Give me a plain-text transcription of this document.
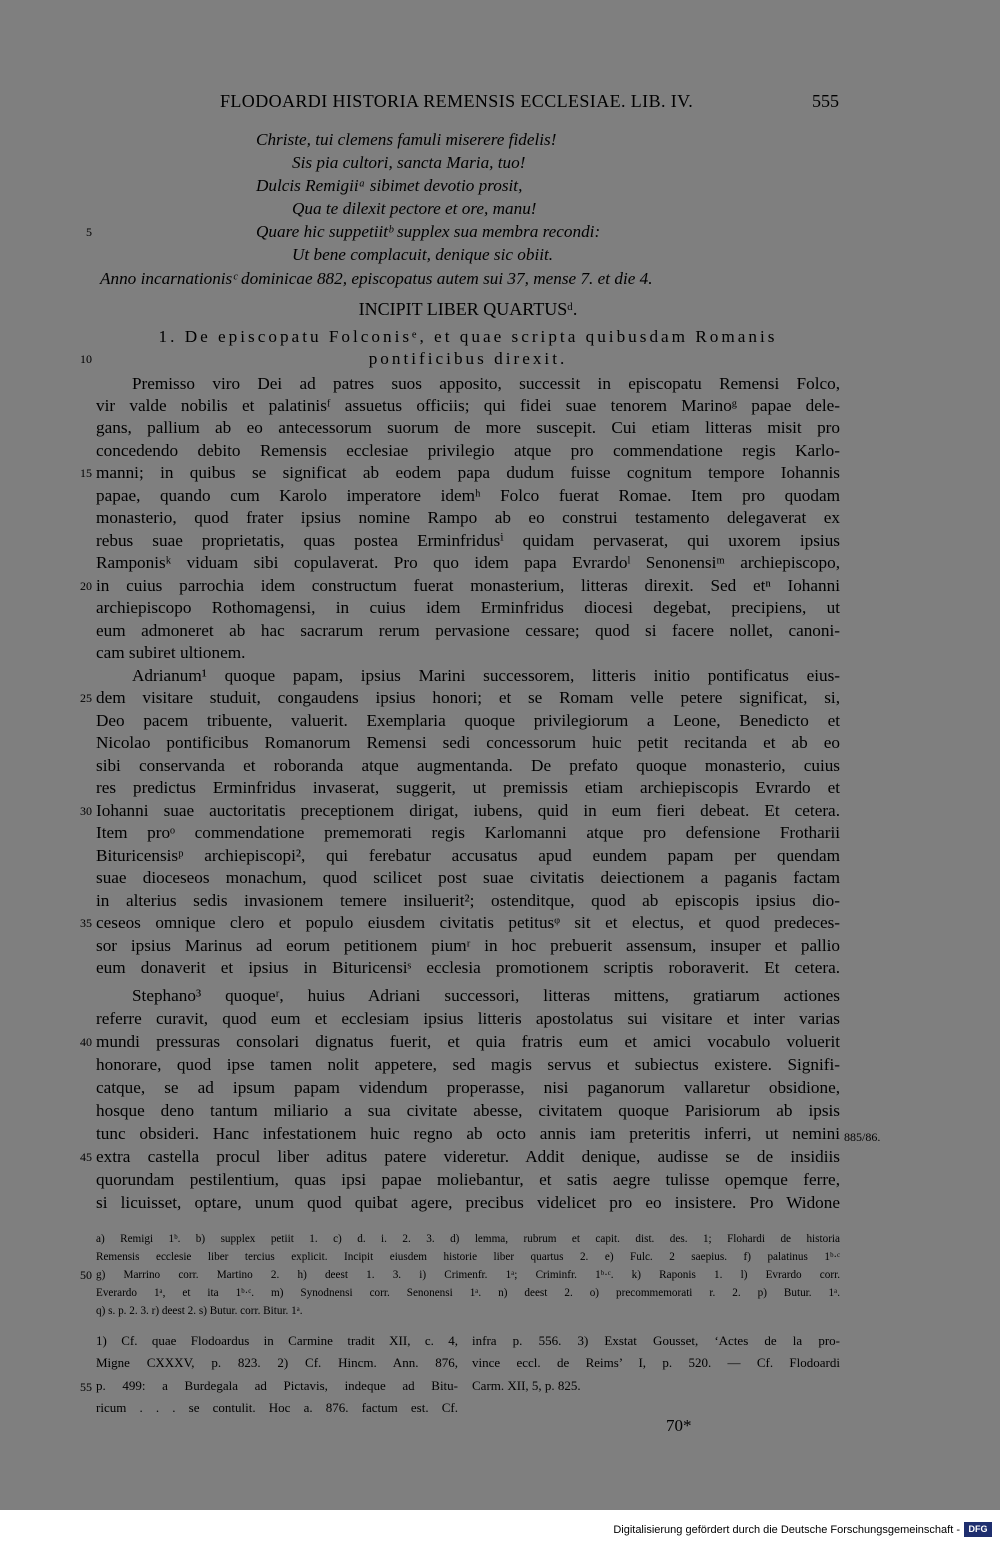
FLODOARDI HISTORIA REMENSIS ECCLESIAE. LIB. IV.	555
Christe, tui clemens famuli miserere fidelis!
Sis pia cultori, sancta Maria, tuo!
Dulcis Remigiiᵃ sibimet devotio prosit,
Qua te dilexit pectore et ore, manu!
Quare hic suppetiitᵇ supplex sua membra recondi:
Ut bene complacuit, denique sic obiit.
Anno incarnationisᶜ dominicae 882, episcopatus autem sui 37, mense 7. et die 4.
INCIPIT LIBER QUARTUSᵈ.
1. De episcopatu Folconisᵉ, et quae scripta quibusdam Romanis
pontificibus direxit.
Premisso viro Dei ad patres suos apposito, successit in episcopatu Remensi Folco,
vir valde nobilis et palatinisᶠ assuetus officiis; qui fidei suae tenorem Marinoᵍ papae dele-
gans, pallium ab eo antecessorum suorum de more suscepit. Cui etiam litteras misit pro
concedendo debito Remensis ecclesiae privilegio atque pro commendatione regis Karlo-
manni; in quibus se significat ab eodem papa dudum fuisse cognitum tempore Iohannis
papae, quando cum Karolo imperatore idemʰ Folco fuerat Romae. Item pro quodam
monasterio, quod frater ipsius nomine Rampo ab eo construi testamento delegaverat ex
rebus suae proprietatis, quas postea Erminfridusⁱ quidam pervaserat, qui uxorem ipsius
Ramponisᵏ viduam sibi copulaverat. Pro quo idem papa Evrardoˡ Senonensiᵐ archiepiscopo,
in cuius parrochia idem constructum fuerat monasterium, litteras direxit. Sed etⁿ Iohanni
archiepiscopo Rothomagensi, in cuius idem Erminfridus diocesi degebat, precipiens, ut
eum admoneret ab hac sacrarum rerum pervasione cessare; quod si facere nollet, canoni-
cam subiret ultionem.
Adrianum¹ quoque papam, ipsius Marini successorem, litteris initio pontificatus eius-
dem visitare studuit, congaudens ipsius honori; et se Romam velle petere significat, si,
Deo pacem tribuente, valuerit. Exemplaria quoque privilegiorum a Leone, Benedicto et
Nicolao pontificibus Romanorum Remensi sedi concessorum huic petit recitanda et ab eo
sibi conservanda et roboranda atque augmentanda. De prefato quoque monasterio, cuius
res predictus Erminfridus invaserat, suggerit, ut premissis etiam archiepiscopis Evrardo et
Iohanni suae auctoritatis preceptionem dirigat, iubens, quid in eum fieri debeat. Et cetera.
Item proᵒ commendatione prememorati regis Karlomanni atque pro defensione Frotharii
Bituricensisᵖ archiepiscopi², qui ferebatur accusatus apud eundem papam per quendam
suae dioceseos monachum, quod scilicet post suae civitatis deiectionem a paganis factam
in alterius sedis invasionem temere insiluerit²; ostenditque, quod ab episcopis ipsius dio-
ceseos omnique clero et populo eiusdem civitatis petitusᵠ sit et electus, et quod predeces-
sor ipsius Marinus ad eorum petitionem piumʳ in hoc prebuerit assensum, insuper et pallio
eum donaverit et ipsius in Bituricensiˢ ecclesia promotionem scriptis roboraverit. Et cetera.
Stephano³ quoqueʳ, huius Adriani successori, litteras mittens, gratiarum actiones
referre curavit, quod eum et ecclesiam ipsius litteris apostolatus sui visitare et inter varias
mundi pressuras consolari dignatus fuerit, et quia fratris eum et amici vocabulo voluerit
honorare, quod ipse tamen nolit appetere, sed magis servus et subiectus existere. Signifi-
catque, se ad ipsum papam videndum properasse, nisi paganorum vallaretur obsidione,
hosque deno tantum miliario a sua civitate abesse, civitatem quoque Parisiorum ab ipsis
tunc obsideri. Hanc infestationem huic regno ab octo annis iam preteritis inferri, ut nemini
extra castella procul liber aditus patere videretur. Addit denique, audisse se de insidiis
quorundam pestilentium, quas ipsi papae moliebantur, et satis aegre tulisse opemque ferre,
si licuisset, optare, unum quod quibat agere, precibus videlicet pro eo insistere. Pro Widone
885/86.
5
10
15
20
25
30
35
40
45
50
55
a) Remigi 1ᵇ. b) supplex petiit 1. c) d. i. 2. 3. d) lemma, rubrum et capit. dist. des. 1; Flohardi de historia
Remensis ecclesie liber tercius explicit. Incipit eiusdem historie liber quartus 2. e) Fulc. 2 saepius. f) palatinus 1ᵇ·ᶜ
g) Marrino corr. Martino 2. h) deest 1. 3. i) Crimenfr. 1ᵃ; Criminfr. 1ᵇ·ᶜ. k) Raponis 1. l) Evrardo corr.
Everardo 1ᵃ, et ita 1ᵇ·ᶜ. m) Synodnensi corr. Senonensi 1ᵃ. n) deest 2. o) precommemorati r. 2. p) Butur. 1ᵃ.
q) s. p. 2. 3. r) deest 2. s) Butur. corr. Bitur. 1ᵃ.
1) Cf. quae Flodoardus in Carmine tradit XII, c. 4,
Migne CXXXV, p. 823. 2) Cf. Hincm. Ann. 876,
p. 499: a Burdegala ad Pictavis, indeque ad Bitu-
ricum . . . se contulit. Hoc a. 876. factum est. Cf.
infra p. 556. 3) Exstat Gousset, ‘Actes de la pro-
vince eccl. de Reims’ I, p. 520. — Cf. Flodoardi
Carm. XII, 5, p. 825.
70*
Digitalisierung gefördert durch die Deutsche Forschungsgemeinschaft - DFG
